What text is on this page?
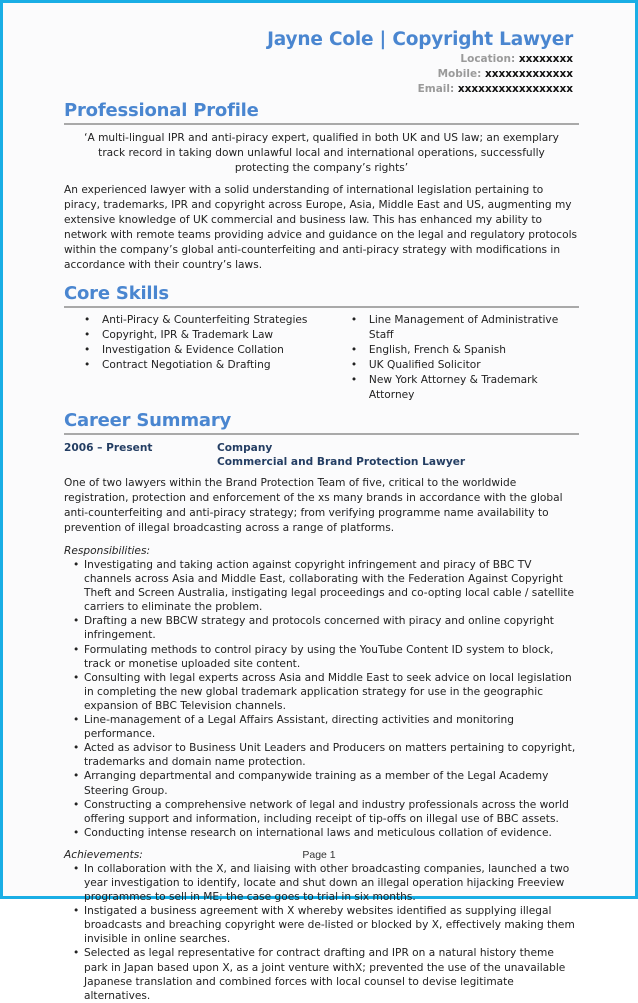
Jayne Cole | Copyright Lawyer
Location: xxxxxxxx
Mobile: xxxxxxxxxxxxx
Email: xxxxxxxxxxxxxxxxx
Professional Profile

‘A multi-lingual IPR and anti-piracy expert, qualified in both UK and US law; an exemplary track record in taking down unlawful local and international operations, successfully protecting the company’s rights’

An experienced lawyer with a solid understanding of international legislation pertaining to piracy, trademarks, IPR and copyright across Europe, Asia, Middle East and US, augmenting my extensive knowledge of UK commercial and business law. This has enhanced my ability to network with remote teams providing advice and guidance on the legal and regulatory protocols within the company’s global anti-counterfeiting and anti-piracy strategy with modifications in accordance with their country’s laws.

Core Skills
• Anti-Piracy & Counterfeiting Strategies
• Copyright, IPR & Trademark Law
• Investigation & Evidence Collation
• Contract Negotiation & Drafting
• Line Management of Administrative Staff
• English, French & Spanish
• UK Qualified Solicitor
• New York Attorney & Trademark Attorney
Career Summary
2006 – Present	Company
Commercial and Brand Protection Lawyer

One of two lawyers within the Brand Protection Team of five, critical to the worldwide registration, protection and enforcement of the xs many brands in accordance with the global anti-counterfeiting and anti-piracy strategy; from verifying programme name availability to prevention of illegal broadcasting across a range of platforms.

Responsibilities:
• Investigating and taking action against copyright infringement and piracy of BBC TV channels across Asia and Middle East, collaborating with the Federation Against Copyright Theft and Screen Australia, instigating legal proceedings and co-opting local cable / satellite carriers to eliminate the problem.
• Drafting a new BBCW strategy and protocols concerned with piracy and online copyright infringement.
• Formulating methods to control piracy by using the YouTube Content ID system to block, track or monetise uploaded site content.
• Consulting with legal experts across Asia and Middle East to seek advice on local legislation in completing the new global trademark application strategy for use in the geographic expansion of BBC Television channels.
• Line-management of a Legal Affairs Assistant, directing activities and monitoring performance.
• Acted as advisor to Business Unit Leaders and Producers on matters pertaining to copyright, trademarks and domain name protection.
• Arranging departmental and companywide training as a member of the Legal Academy Steering Group.
• Constructing a comprehensive network of legal and industry professionals across the world offering support and information, including receipt of tip-offs on illegal use of BBC assets.
• Conducting intense research on international laws and meticulous collation of evidence.
Achievements:
• In collaboration with the X, and liaising with other broadcasting companies, launched a two year investigation to identify, locate and shut down an illegal operation hijacking Freeview programmes to sell in ME; the case goes to trial in six months.
• Instigated a business agreement with X whereby websites identified as supplying illegal broadcasts and breaching copyright were de-listed or blocked by X, effectively making them invisible in online searches.
• Selected as legal representative for contract drafting and IPR on a natural history theme park in Japan based upon X, as a joint venture withX; prevented the use of the unavailable Japanese translation and combined forces with local counsel to devise legitimate alternatives.
Page 1
